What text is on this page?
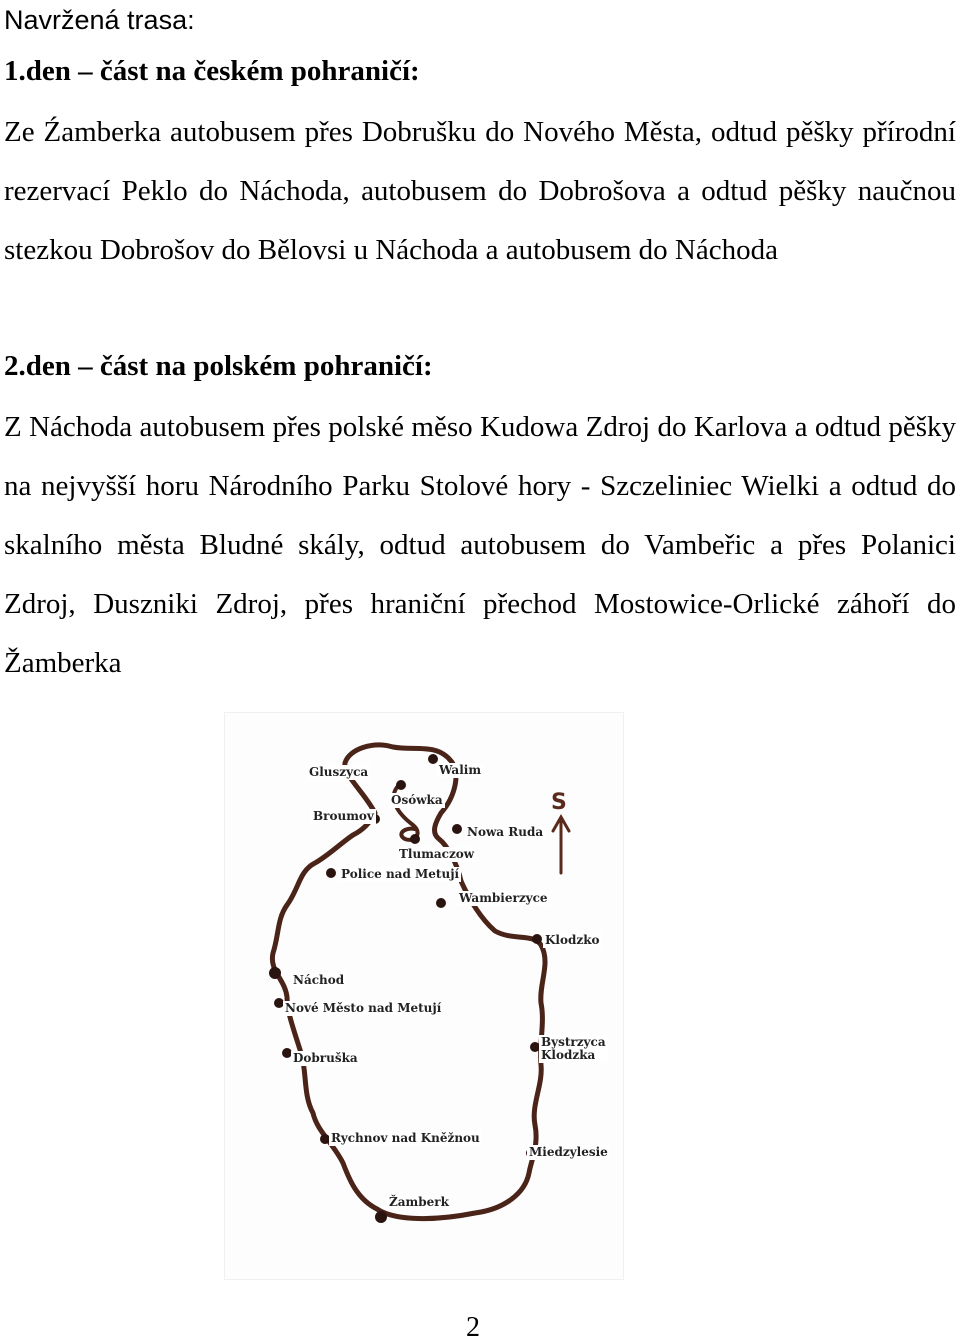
Navržená trasa:
1.den – část na českém pohraničí:
Ze Źamberka autobusem přes Dobrušku do Nového Města, odtud pěšky přírodní rezervací Peklo do Náchoda, autobusem do Dobrošova a odtud pěšky naučnou stezkou Dobrošov do Bělovsi u Náchoda a autobusem do Náchoda
2.den – část na polském pohraničí:
Z Náchoda autobusem přes polské měso Kudowa Zdroj do Karlova a odtud pěšky na nejvyšší horu Národního Parku Stolové hory - Szczeliniec Wielki a odtud do skalního města Bludné skály, odtud autobusem do Vambeřic a přes Polanici Zdroj, Duszniki Zdroj, přes hraniční přechod Mostowice-Orlické záhoří do Žamberka
S
Gluszyca	Walim
Osówka
Broumov
Nowa Ruda
Tlumaczow
Police nad Metují
Wambierzyce
Klodzko
Náchod
Nové Město nad Metují
Dobruška
Bystrzyca
Klodzka
Rychnov nad Kněžnou
Miedzylesie
Žamberk
2
